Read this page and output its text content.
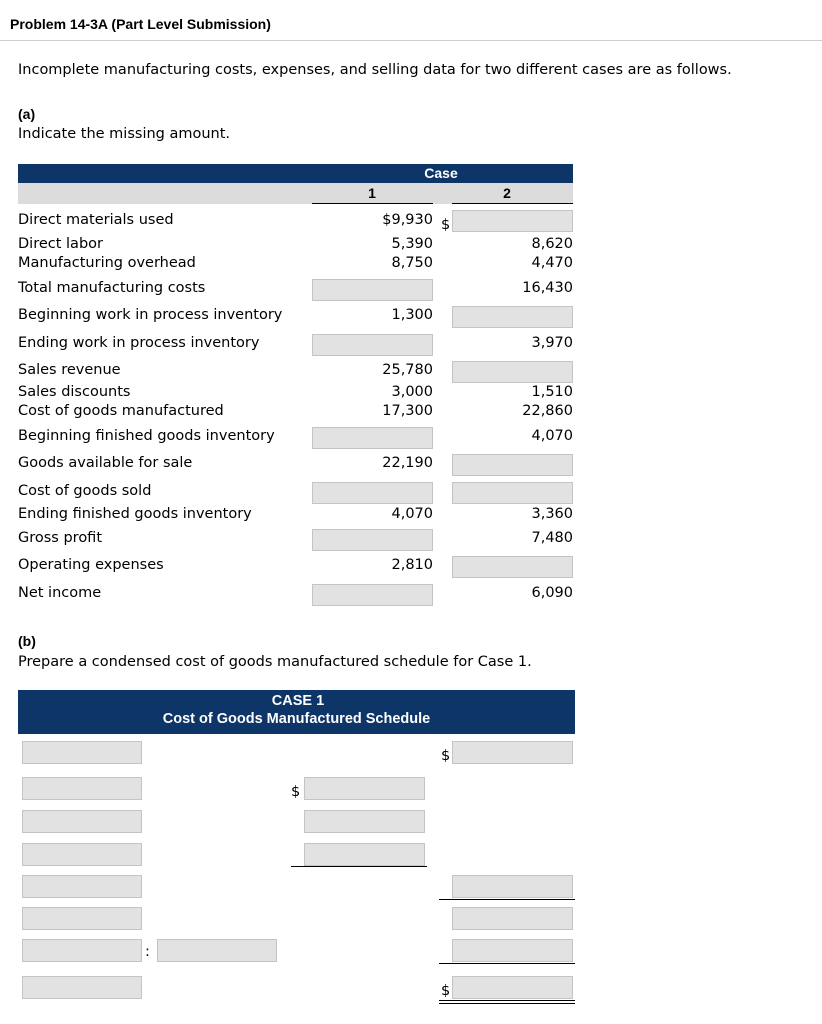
Problem 14-3A (Part Level Submission)
Incomplete manufacturing costs, expenses, and selling data for two different cases are as follows.
(a)
Indicate the missing amount.
Case
1	2
Direct materials used
Direct labor
Manufacturing overhead
Total manufacturing costs
Beginning work in process inventory
Ending work in process inventory
Sales revenue
Sales discounts
Cost of goods manufactured
Beginning finished goods inventory
Goods available for sale
Cost of goods sold
Ending finished goods inventory
Gross profit
Operating expenses
Net income
$9,930
5,390
8,750
1,300
25,780
3,000
17,300
22,190
4,070
2,810
$
8,620
4,470
16,430
3,970
1,510
22,860
4,070
3,360
7,480
6,090
(b)
Prepare a condensed cost of goods manufactured schedule for Case 1.
CASE 1
Cost of Goods Manufactured Schedule
:
$
$
$
